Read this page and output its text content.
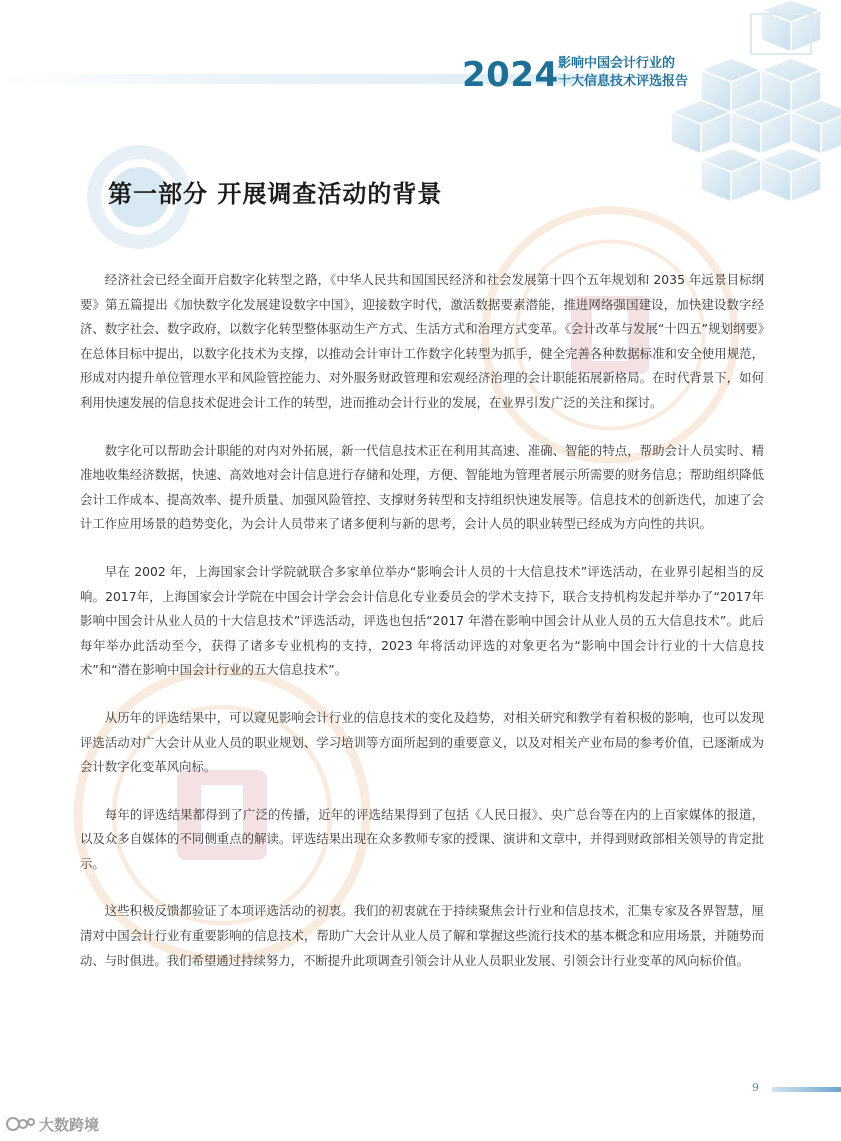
2024 影响中国会计行业的
十大信息技术评选报告
第一部分 开展调查活动的背景

经济社会已经全面开启数字化转型之路，《中华人民共和国国民经济和社会发展第十四个五年规划和 2035 年远景目标纲要》第五篇提出《加快数字化发展建设数字中国》，迎接数字时代，激活数据要素潜能，推进网络强国建设，加快建设数字经济、数字社会、数字政府，以数字化转型整体驱动生产方式、生活方式和治理方式变革。《会计改革与发展“十四五”规划纲要》在总体目标中提出，以数字化技术为支撑，以推动会计审计工作数字化转型为抓手，健全完善各种数据标准和安全使用规范，形成对内提升单位管理水平和风险管控能力、对外服务财政管理和宏观经济治理的会计职能拓展新格局。在时代背景下，如何利用快速发展的信息技术促进会计工作的转型，进而推动会计行业的发展，在业界引发广泛的关注和探讨。

数字化可以帮助会计职能的对内对外拓展，新一代信息技术正在利用其高速、准确、智能的特点，帮助会计人员实时、精准地收集经济数据，快速、高效地对会计信息进行存储和处理，方便、智能地为管理者展示所需要的财务信息；帮助组织降低会计工作成本、提高效率、提升质量、加强风险管控、支撑财务转型和支持组织快速发展等。信息技术的创新迭代，加速了会计工作应用场景的趋势变化，为会计人员带来了诸多便利与新的思考，会计人员的职业转型已经成为方向性的共识。

早在 2002 年，上海国家会计学院就联合多家单位举办“影响会计人员的十大信息技术”评选活动，在业界引起相当的反响。2017年，上海国家会计学院在中国会计学会会计信息化专业委员会的学术支持下，联合支持机构发起并举办了“2017年影响中国会计从业人员的十大信息技术”评选活动，评选也包括“2017 年潜在影响中国会计从业人员的五大信息技术”。此后每年举办此活动至今，获得了诸多专业机构的支持，2023 年将活动评选的对象更名为“影响中国会计行业的十大信息技术”和“潜在影响中国会计行业的五大信息技术”。

从历年的评选结果中，可以窥见影响会计行业的信息技术的变化及趋势，对相关研究和教学有着积极的影响，也可以发现评选活动对广大会计从业人员的职业规划、学习培训等方面所起到的重要意义，以及对相关产业布局的参考价值，已逐渐成为会计数字化变革风向标。

每年的评选结果都得到了广泛的传播，近年的评选结果得到了包括《人民日报》、央广总台等在内的上百家媒体的报道，以及众多自媒体的不同侧重点的解读。评选结果出现在众多教师专家的授课、演讲和文章中，并得到财政部相关领导的肯定批示。

这些积极反馈都验证了本项评选活动的初衷。我们的初衷就在于持续聚焦会计行业和信息技术，汇集专家及各界智慧，厘清对中国会计行业有重要影响的信息技术，帮助广大会计从业人员了解和掌握这些流行技术的基本概念和应用场景，并随势而动、与时俱进。我们希望通过持续努力，不断提升此项调查引领会计从业人员职业发展、引领会计行业变革的风向标价值。

9
大数跨境
